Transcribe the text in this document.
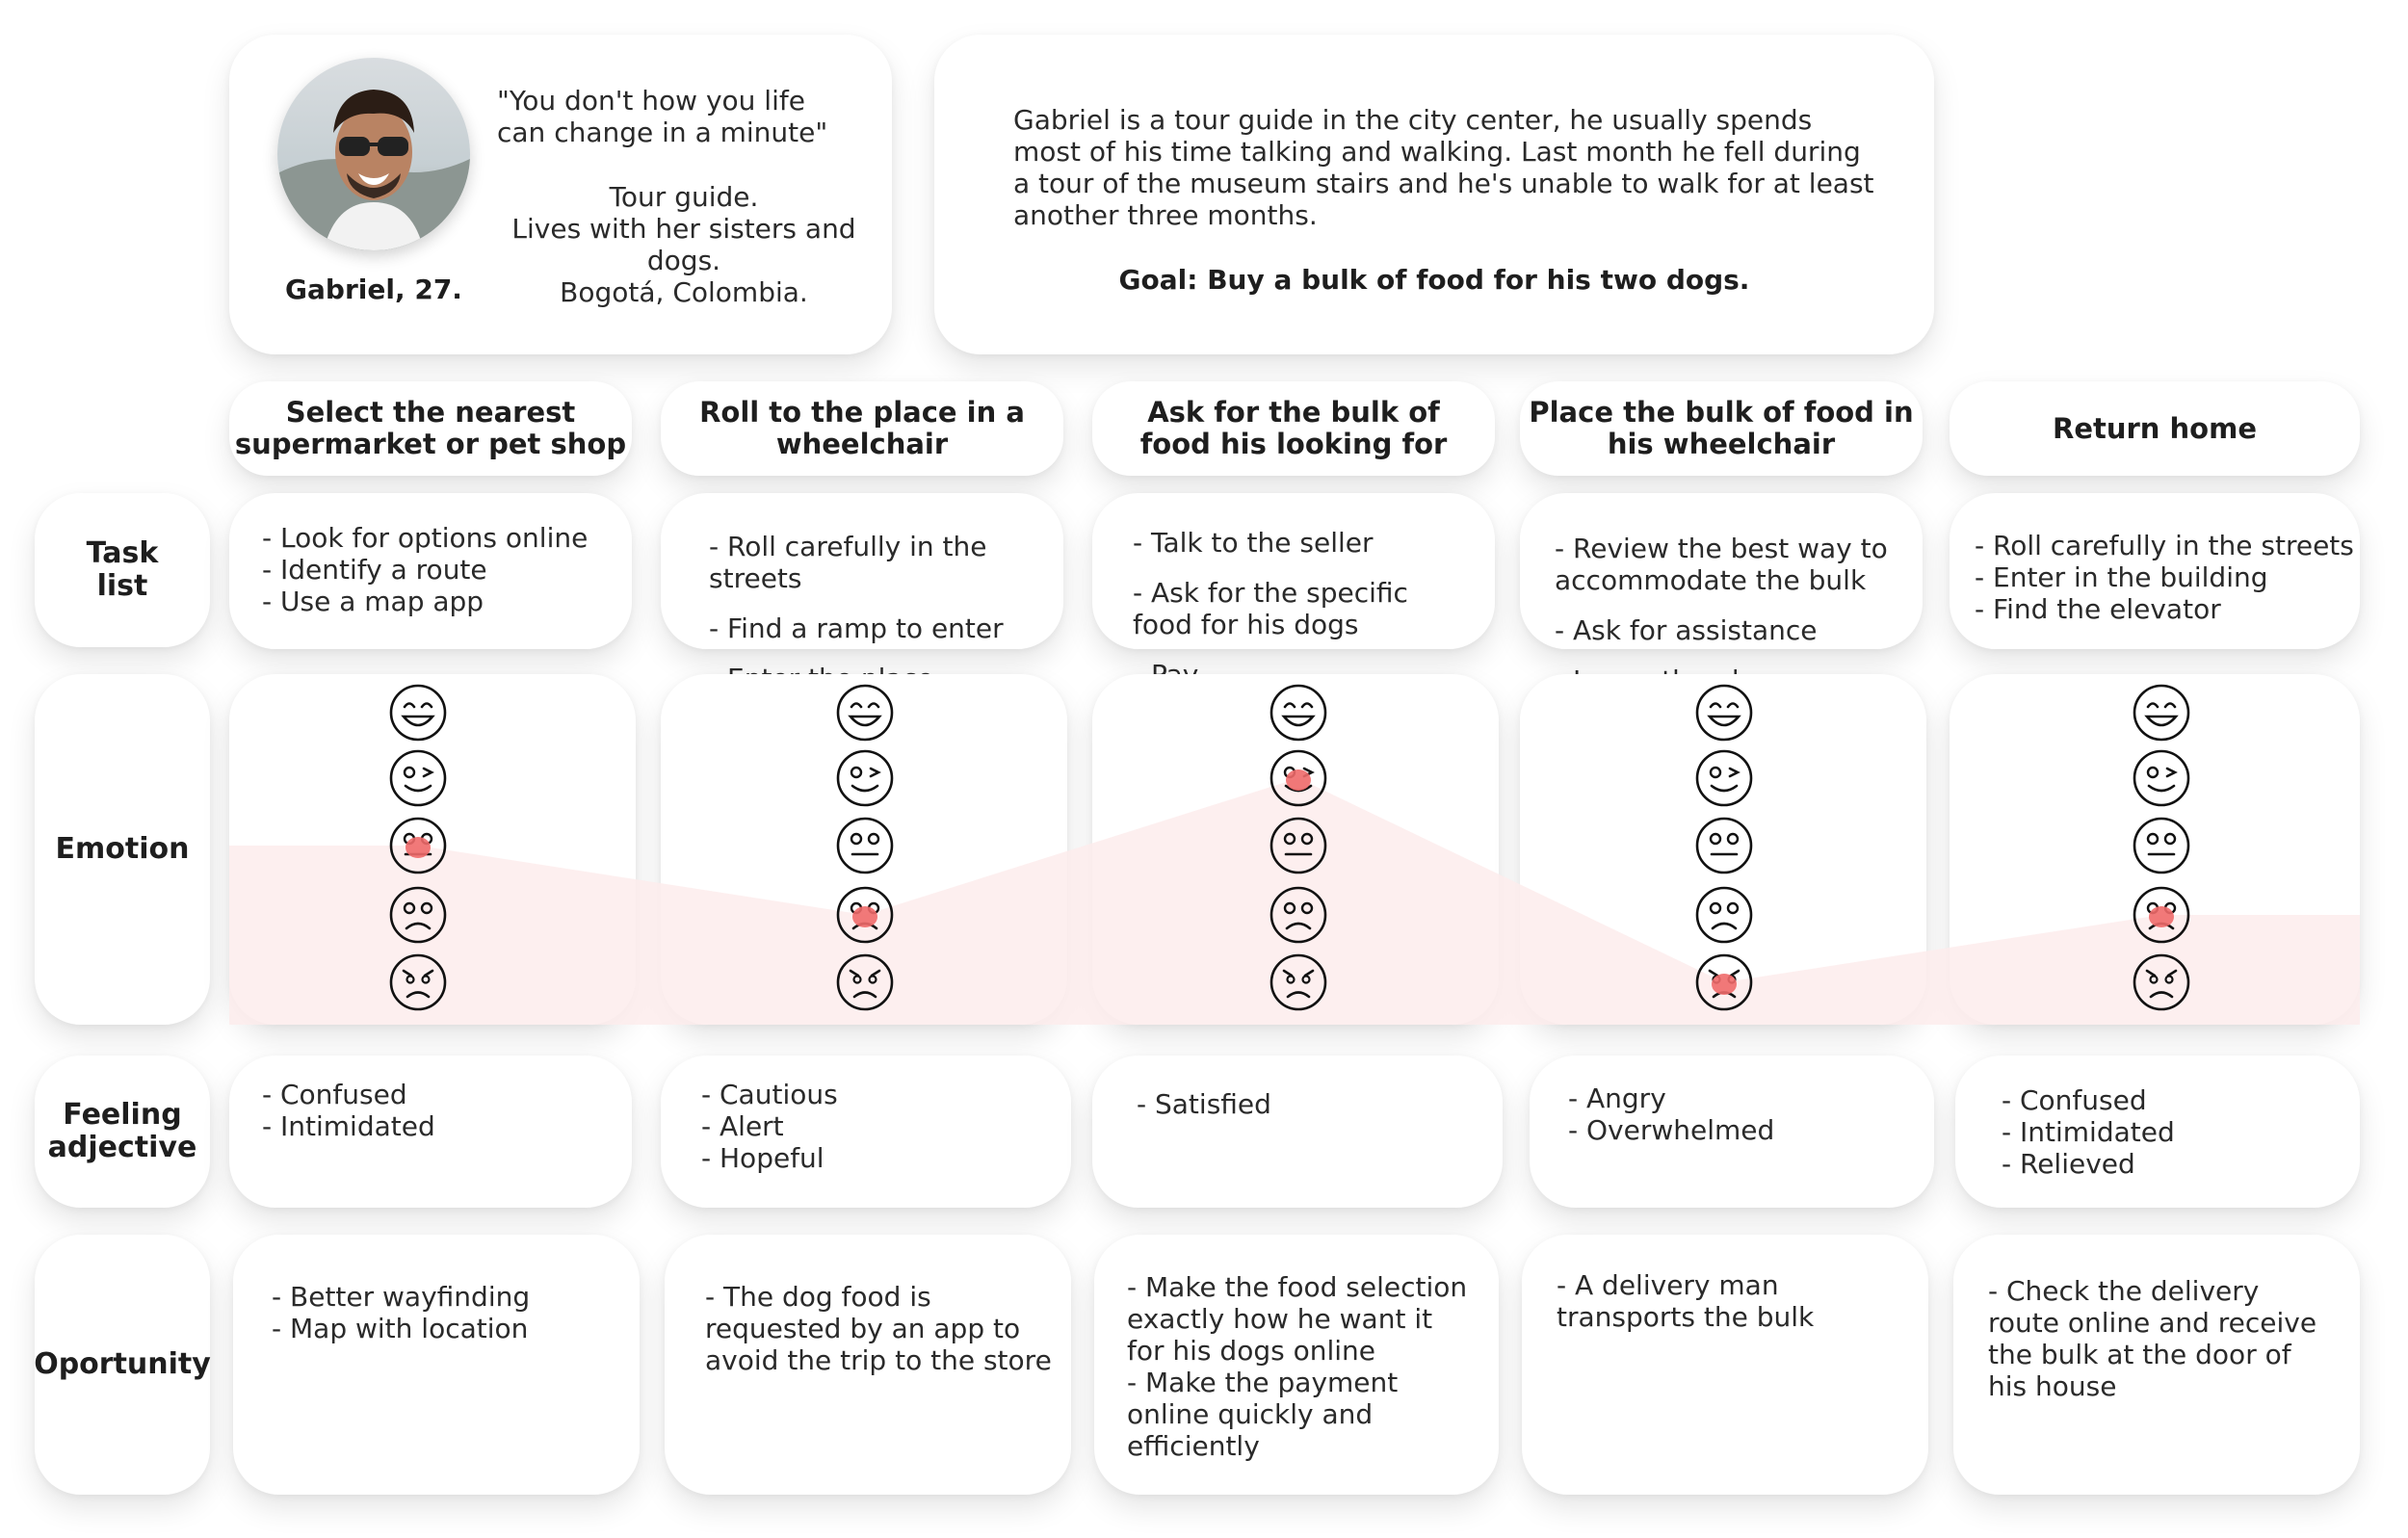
Gabriel, 27.
"You don't how you life
can change in a minute"
Tour guide.
Lives with her sisters and
dogs.
Bogotá, Colombia.
Gabriel is a tour guide in the city center, he usually spends
most of his time talking and walking. Last month he fell during
a tour of the museum stairs and he's unable to walk for at least
another three months.
Goal: Buy a bulk of food for his two dogs.
Task
list
Emotion
Feeling
adjective
Oportunity
Select the nearest
supermarket or pet shop
Roll to the place in a
wheelchair
Ask for the bulk of
food his looking for
Place the bulk of food in
his wheelchair	Return home
- Look for options online
- Identify a route
- Use a map app

- Roll carefully in the
streets

- Find a ramp to enter

- Talk to the seller

- Ask for the specific
food for his dogs

- Review the best way to
accommodate the bulk

- Ask for assistance

- Roll carefully in the streets
- Enter in the building
- Find the elevator
- Confused
- Intimidated
- Cautious
- Alert
- Hopeful
- Satisfied	- Angry
- Overwhelmed
- Confused
- Intimidated
- Relieved
- Better wayfinding
- Map with location
- The dog food is
requested by an app to
avoid the trip to the store
- Make the food selection
exactly how he want it
for his dogs online
- Make the payment
online quickly and
efficiently
- A delivery man
transports the bulk
- Check the delivery
route online and receive
the bulk at the door of
his house
